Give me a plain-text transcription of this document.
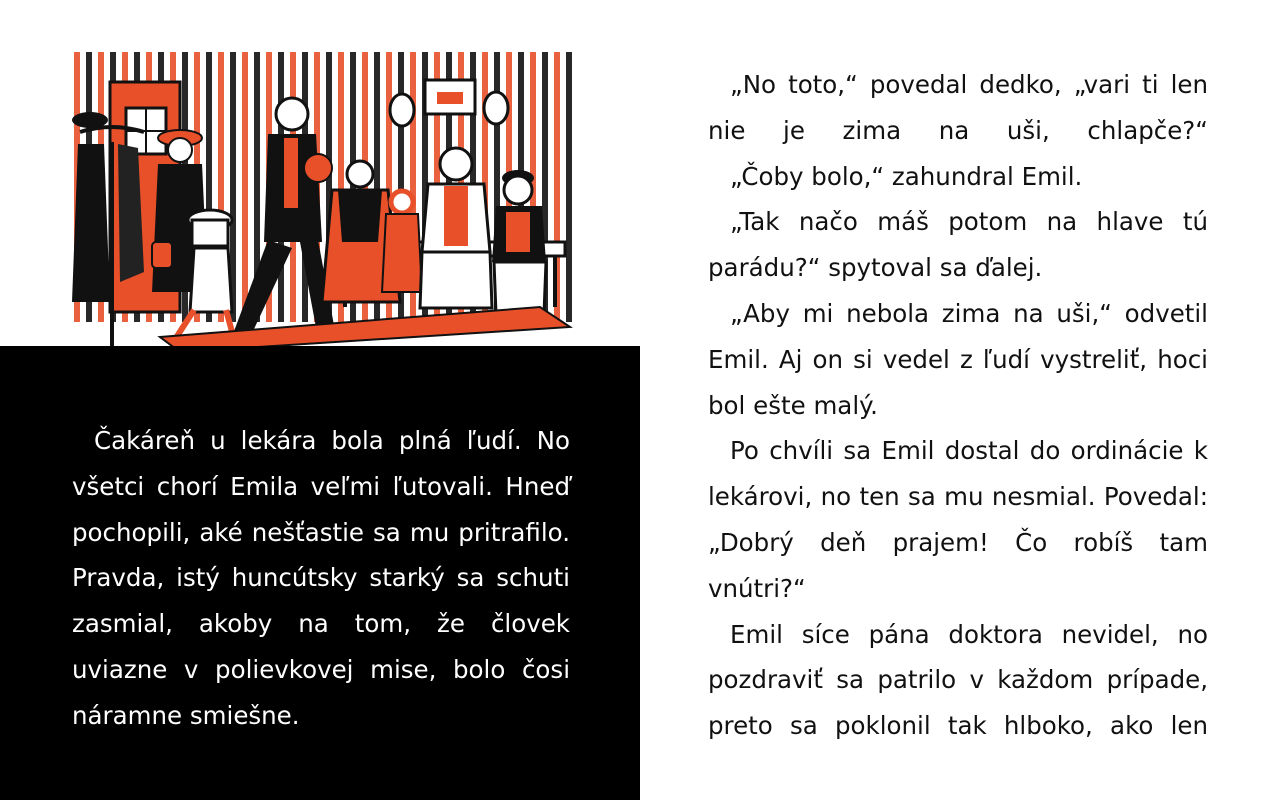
Čakáreň u lekára bola plná ľudí. No všetci chorí Emila veľmi ľutovali. Hneď pochopili, aké nešťastie sa mu pritrafilo. Pravda, istý huncútsky starký sa schuti zasmial, akoby na tom, že človek uviazne v polievkovej mise, bolo čosi náramne smiešne.

„No toto,“ povedal dedko, „vari ti len nie je zima na uši, chlapče?“

„Čoby bolo,“ zahundral Emil.

„Tak načo máš potom na hlave tú parádu?“ spytoval sa ďalej.

„Aby mi nebola zima na uši,“ odvetil Emil. Aj on si vedel z ľudí vystreliť, hoci bol ešte malý.

Po chvíli sa Emil dostal do ordinácie k lekárovi, no ten sa mu nesmial. Povedal: „Dobrý deň prajem! Čo robíš tam vnútri?“

Emil síce pána doktora nevidel, no pozdraviť sa patrilo v každom prípade, preto sa poklonil tak hlboko, ako len
